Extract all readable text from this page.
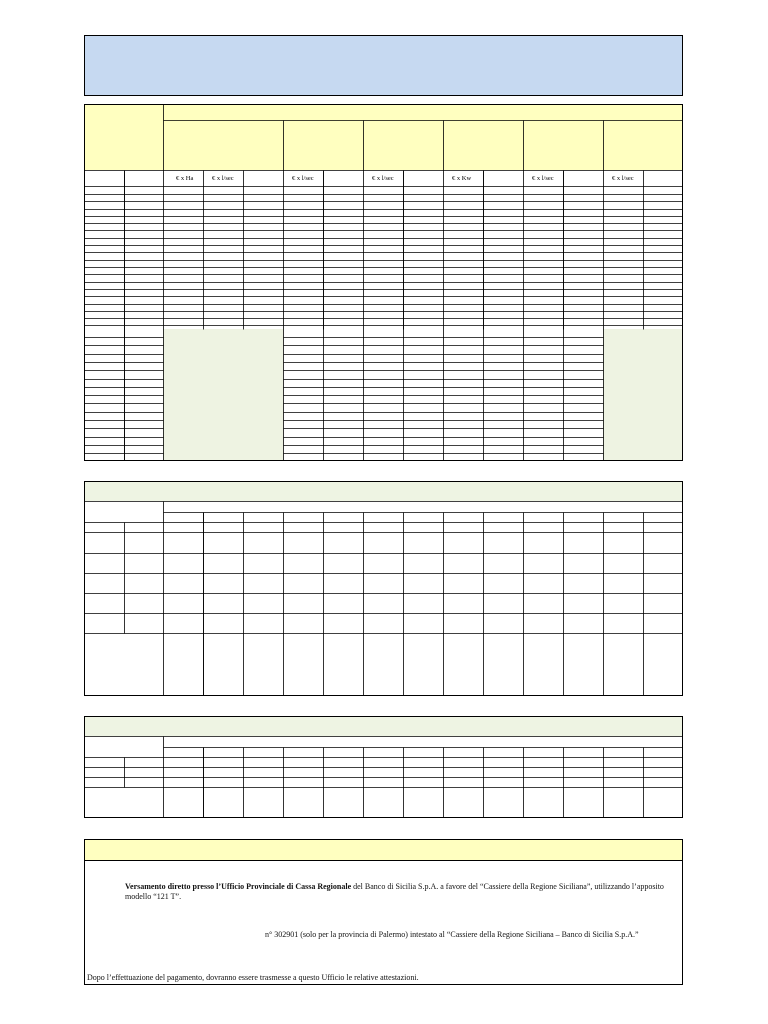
€ x Ha	€ x l/sec	€ x l/sec	€ x l/sec	€ x Kw	€ x l/sec	€ x l/sec
Versamento diretto presso l’Ufficio Provinciale di Cassa Regionale del Banco di Sicilia S.p.A. a favore del “Cassiere della Regione Siciliana”, utilizzando l’apposito modello “121 T”.
n° 302901 (solo per la provincia di Palermo) intestato al “Cassiere della Regione Siciliana – Banco di Sicilia S.p.A.”
Dopo l’effettuazione del pagamento, dovranno essere trasmesse a questo Ufficio le relative attestazioni.
